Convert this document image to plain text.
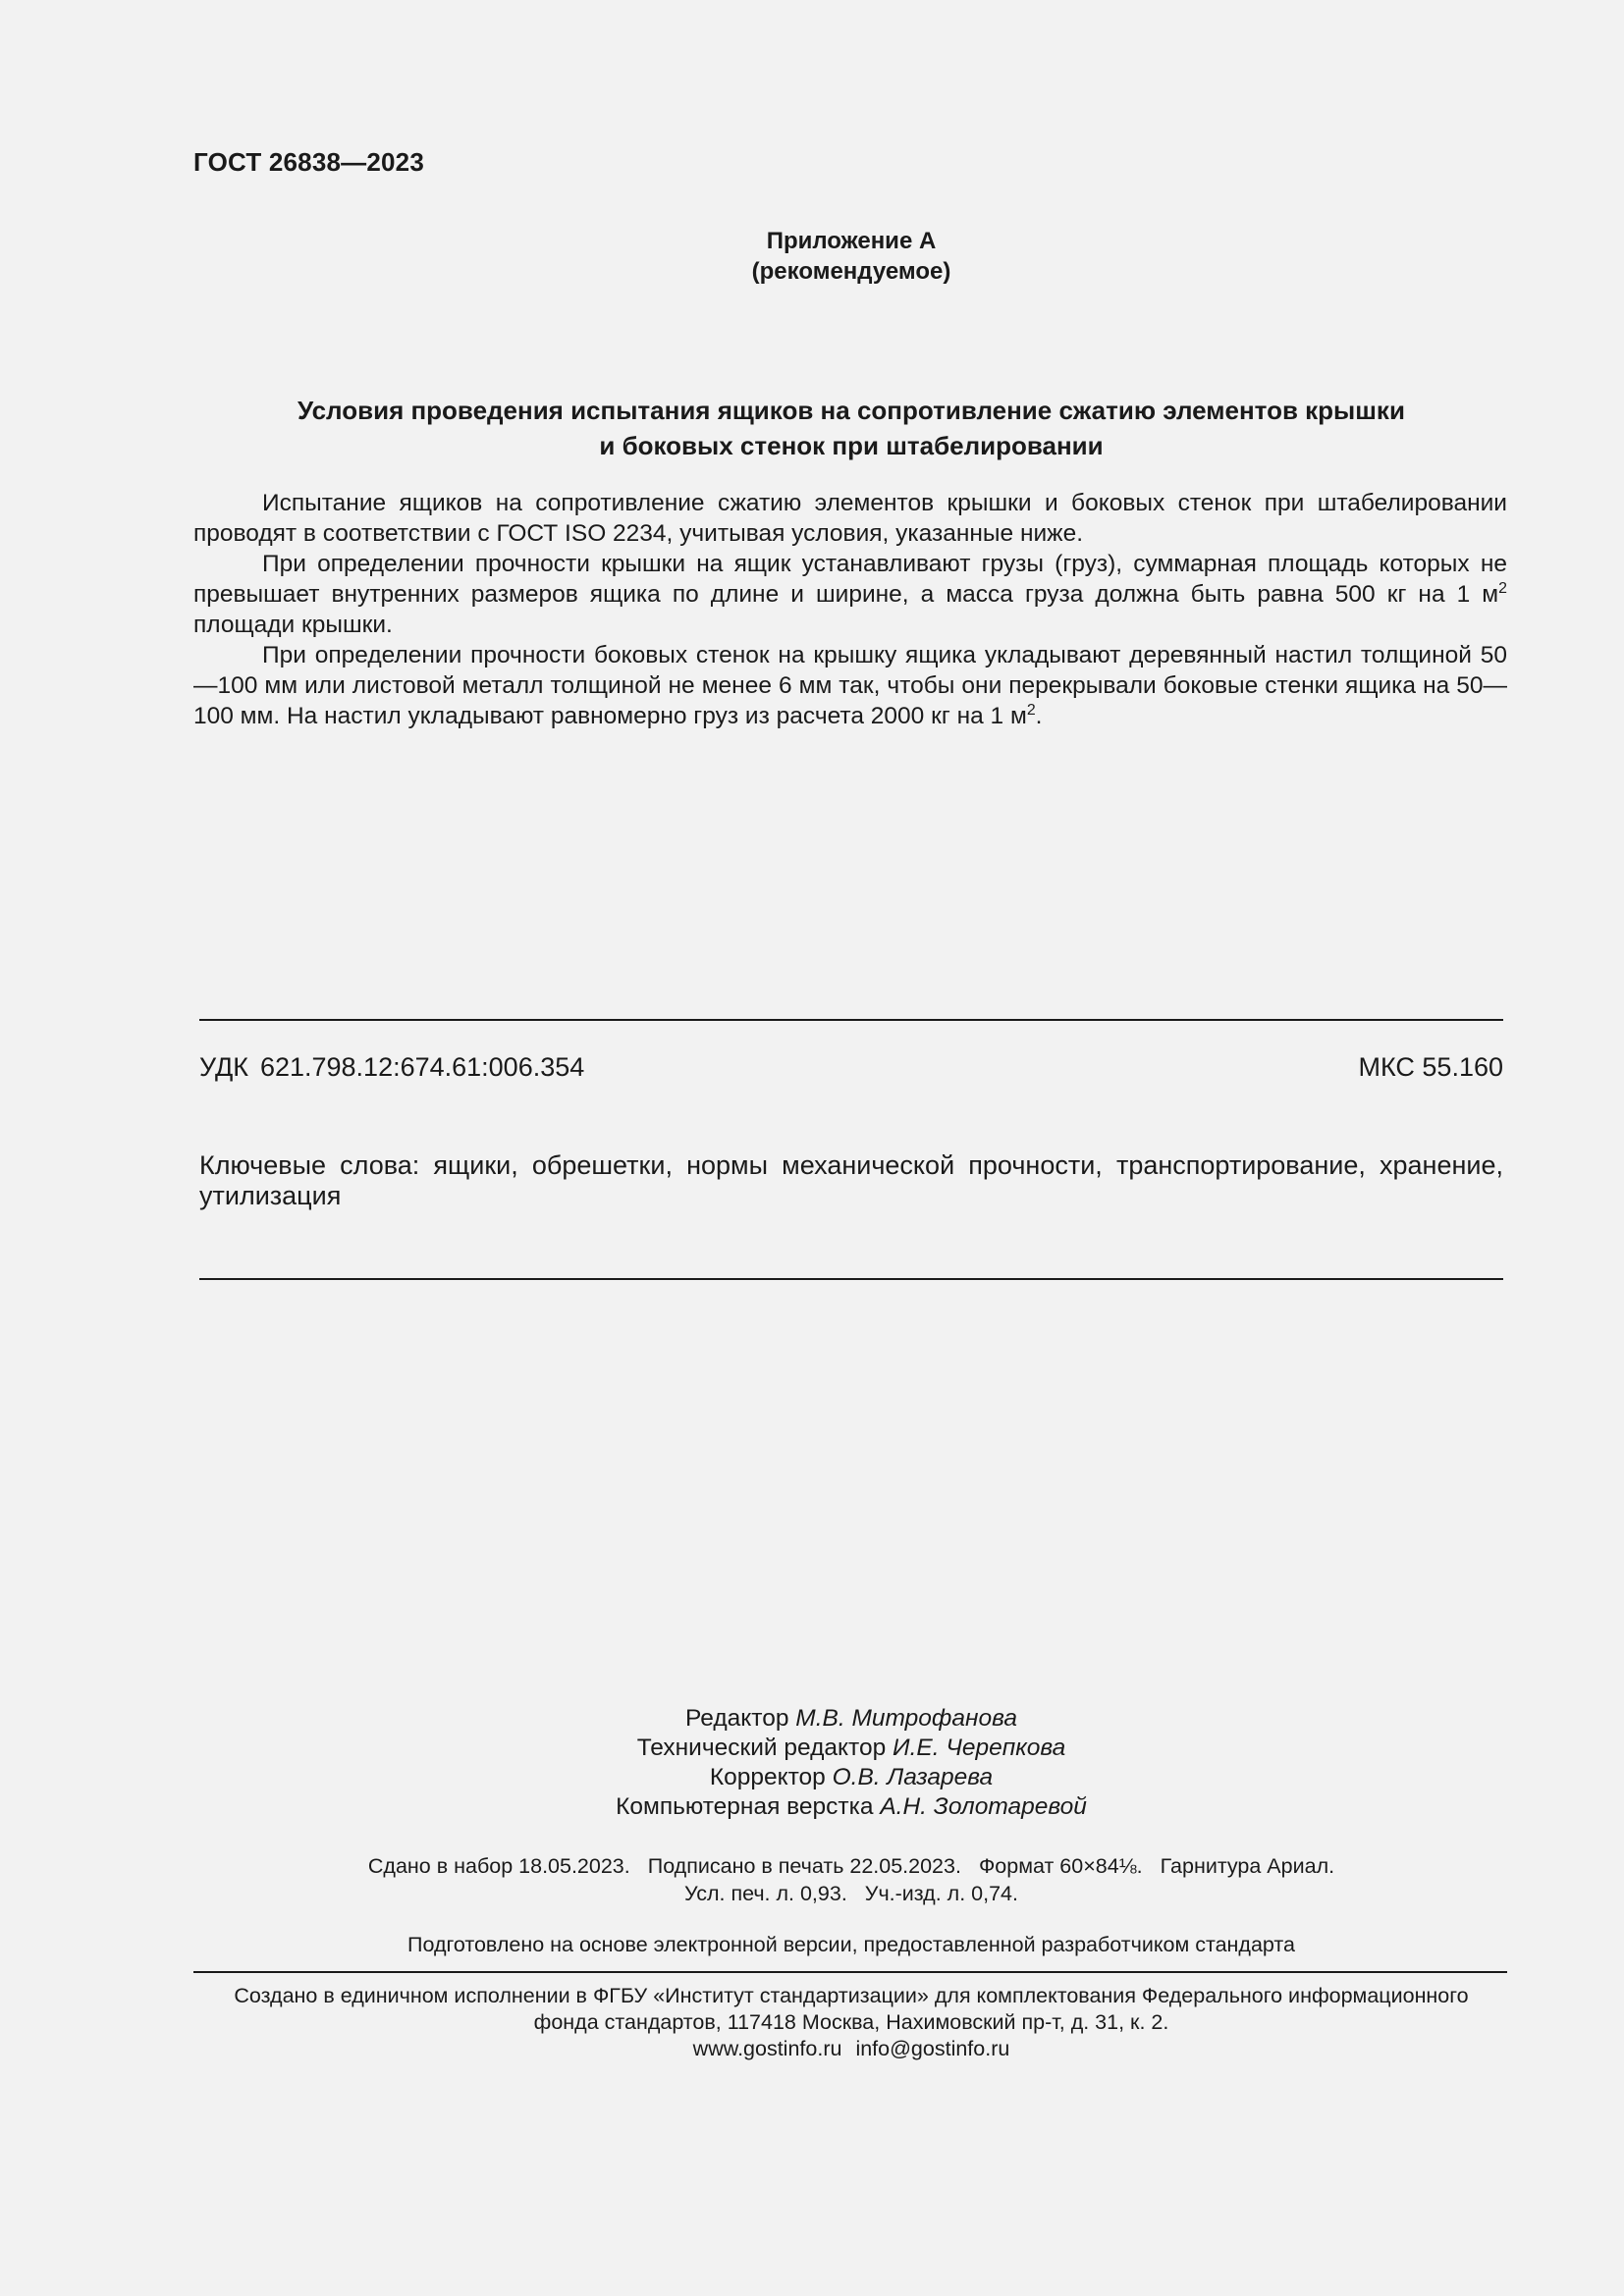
ГОСТ 26838—2023
Приложение А
(рекомендуемое)
Условия проведения испытания ящиков на сопротивление сжатию элементов крышки
и боковых стенок при штабелировании

Испытание ящиков на сопротивление сжатию элементов крышки и боковых стенок при штабелировании проводят в соответствии с ГОСТ ISO 2234, учитывая условия, указанные ниже.

При определении прочности крышки на ящик устанавливают грузы (груз), суммарная площадь которых не превышает внутренних размеров ящика по длине и ширине, а масса груза должна быть равна 500 кг на 1 $м^2$ площади крышки.

При определении прочности боковых стенок на крышку ящика укладывают деревянный настил толщиной 50—100 мм или листовой металл толщиной не менее 6 мм так, чтобы они перекрывали боковые стенки ящика на 50—100 мм. На настил укладывают равномерно груз из расчета 2000 кг на 1 $м^2$.

УДК 621.798.12:674.61:006.354	МКС 55.160
Ключевые слова: ящики, обрешетки, нормы механической прочности, транспортирование, хранение, утилизация
Редактор М.В. Митрофанова
Технический редактор И.Е. Черепкова
Корректор О.В. Лазарева
Компьютерная верстка А.Н. Золотаревой
Сдано в набор 18.05.2023. Подписано в печать 22.05.2023. Формат 60×84⅛. Гарнитура Ариал.
Усл. печ. л. 0,93. Уч.-изд. л. 0,74.
Подготовлено на основе электронной версии, предоставленной разработчиком стандарта
Создано в единичном исполнении в ФГБУ «Институт стандартизации» для комплектования Федерального информационного
фонда стандартов, 117418 Москва, Нахимовский пр-т, д. 31, к. 2.
www.gostinfo.ru info@gostinfo.ru
